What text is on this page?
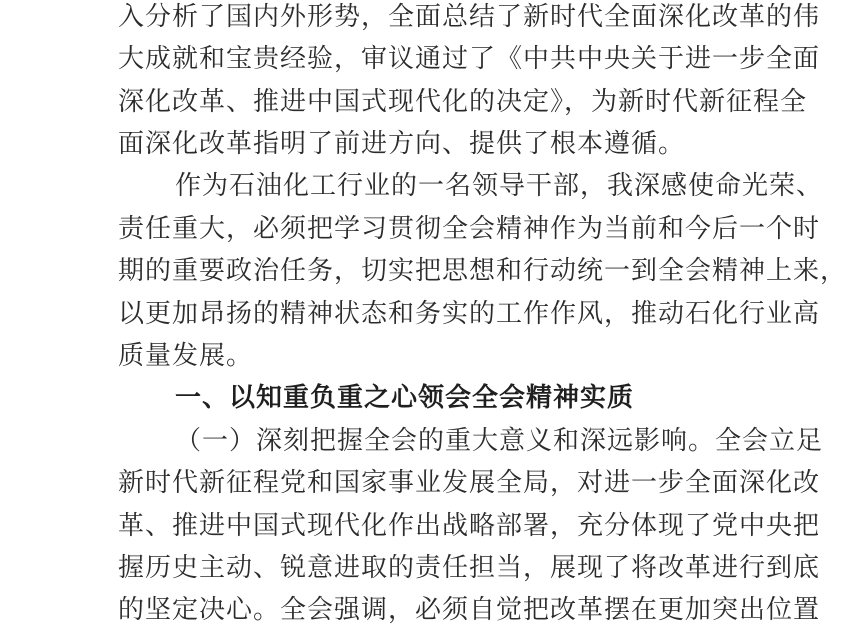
入分析了国内外形势，全面总结了新时代全面深化改革的伟
大成就和宝贵经验，审议通过了《中共中央关于进一步全面
深化改革、推进中国式现代化的决定》，为新时代新征程全
面深化改革指明了前进方向、提供了根本遵循。
作为石油化工行业的一名领导干部，我深感使命光荣、
责任重大，必须把学习贯彻全会精神作为当前和今后一个时
期的重要政治任务，切实把思想和行动统一到全会精神上来，
以更加昂扬的精神状态和务实的工作作风，推动石化行业高
质量发展。
一、以知重负重之心领会全会精神实质
（一）深刻把握全会的重大意义和深远影响。全会立足
新时代新征程党和国家事业发展全局，对进一步全面深化改
革、推进中国式现代化作出战略部署，充分体现了党中央把
握历史主动、锐意进取的责任担当，展现了将改革进行到底
的坚定决心。全会强调，必须自觉把改革摆在更加突出位置
